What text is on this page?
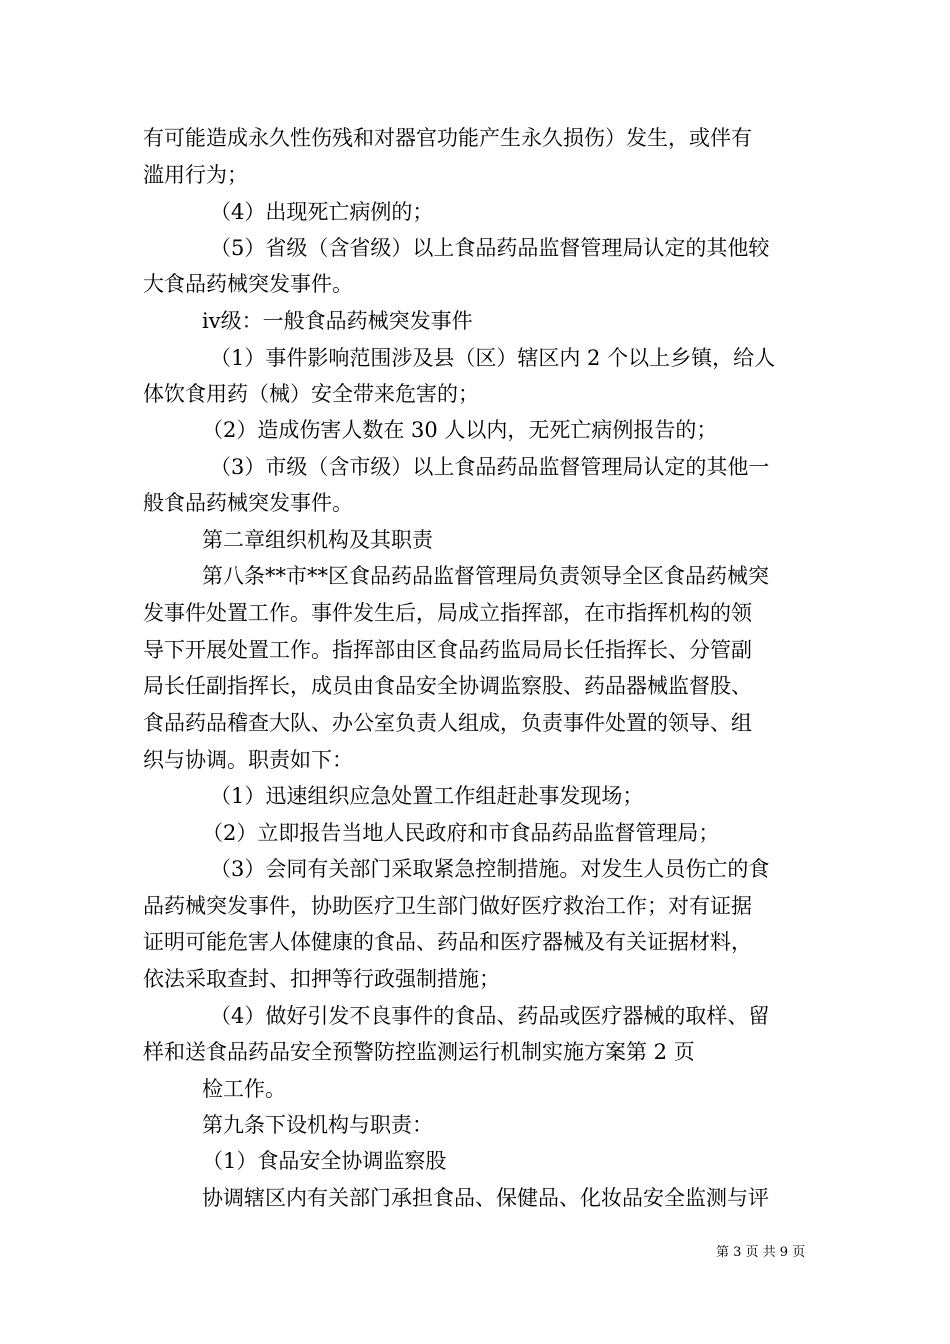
有可能造成永久性伤残和对器官功能产生永久损伤）发生，或伴有
滥用行为；
（4）出现死亡病例的；
（5）省级（含省级）以上食品药品监督管理局认定的其他较
大食品药械突发事件。
ⅳ级：一般食品药械突发事件
（1）事件影响范围涉及县（区）辖区内 2 个以上乡镇，给人
体饮食用药（械）安全带来危害的；
（2）造成伤害人数在 30 人以内，无死亡病例报告的；
（3）市级（含市级）以上食品药品监督管理局认定的其他一
般食品药械突发事件。
第二章组织机构及其职责
第八条**市**区食品药品监督管理局负责领导全区食品药械突
发事件处置工作。事件发生后，局成立指挥部，在市指挥机构的领
导下开展处置工作。指挥部由区食品药监局局长任指挥长、分管副
局长任副指挥长，成员由食品安全协调监察股、药品器械监督股、
食品药品稽查大队、办公室负责人组成，负责事件处置的领导、组
织与协调。职责如下：
（1）迅速组织应急处置工作组赶赴事发现场；
（2）立即报告当地人民政府和市食品药品监督管理局；
（3）会同有关部门采取紧急控制措施。对发生人员伤亡的食
品药械突发事件，协助医疗卫生部门做好医疗救治工作；对有证据
证明可能危害人体健康的食品、药品和医疗器械及有关证据材料，
依法采取查封、扣押等行政强制措施；
（4）做好引发不良事件的食品、药品或医疗器械的取样、留
样和送食品药品安全预警防控监测运行机制实施方案第 2 页
检工作。
第九条下设机构与职责：
（1）食品安全协调监察股
协调辖区内有关部门承担食品、保健品、化妆品安全监测与评
第 3 页 共 9 页
